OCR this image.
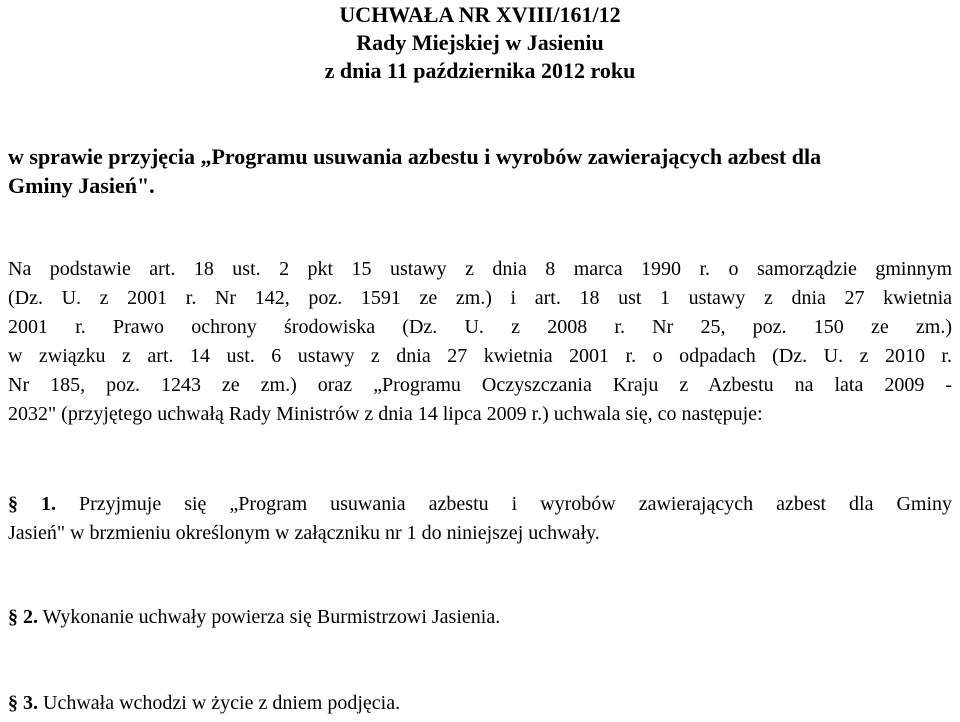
UCHWAŁA NR XVIII/161/12
Rady Miejskiej w Jasieniu
z dnia 11 października 2012 roku
w sprawie przyjęcia „Programu usuwania azbestu i wyrobów zawierających azbest dla
Gminy Jasień".
Na podstawie art. 18 ust. 2 pkt 15 ustawy z dnia 8 marca 1990 r. o samorządzie gminnym
(Dz. U. z 2001 r. Nr 142, poz. 1591 ze zm.) i art. 18 ust 1 ustawy z dnia 27 kwietnia
2001 r. Prawo ochrony środowiska (Dz. U. z 2008 r. Nr 25, poz. 150 ze zm.)
w związku z art. 14 ust. 6 ustawy z dnia 27 kwietnia 2001 r. o odpadach (Dz. U. z 2010 r.
Nr 185, poz. 1243 ze zm.) oraz „Programu Oczyszczania Kraju z Azbestu na lata 2009 -
2032" (przyjętego uchwałą Rady Ministrów z dnia 14 lipca 2009 r.) uchwala się, co następuje:
§ 1. Przyjmuje się „Program usuwania azbestu i wyrobów zawierających azbest dla Gminy
Jasień" w brzmieniu określonym w załączniku nr 1 do niniejszej uchwały.
§ 2. Wykonanie uchwały powierza się Burmistrzowi Jasienia.
§ 3. Uchwała wchodzi w życie z dniem podjęcia.
